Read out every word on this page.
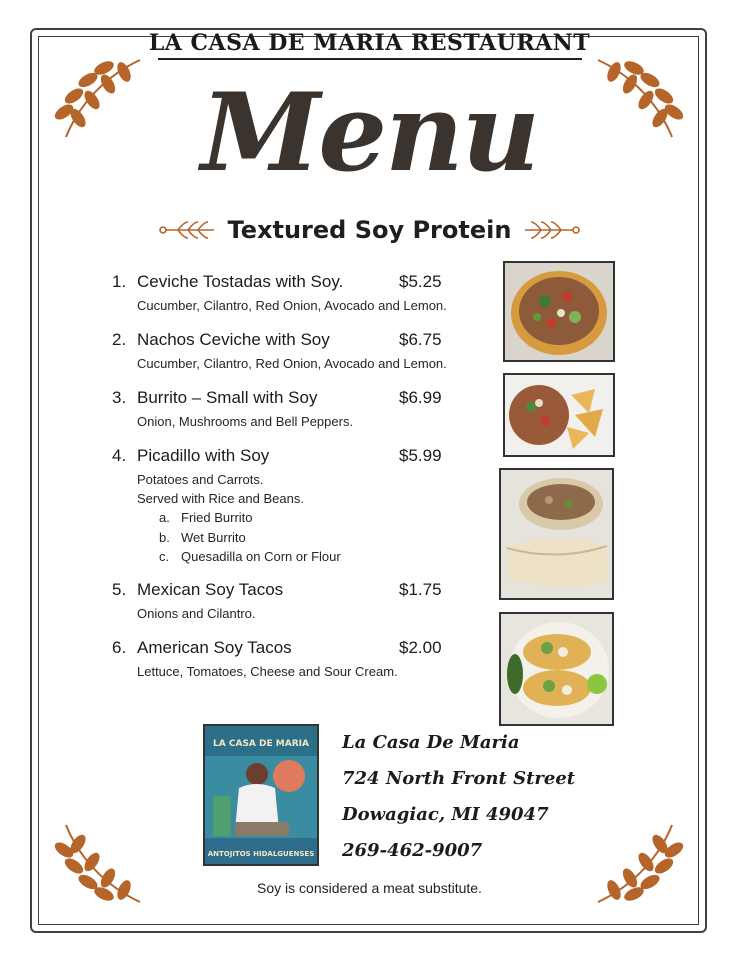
LA CASA DE MARIA RESTAURANT
Menu
Textured Soy Protein
1. Ceviche Tostadas with Soy.	$5.25
Cucumber, Cilantro, Red Onion, Avocado and Lemon.
2. Nachos Ceviche with Soy	$6.75
Cucumber, Cilantro, Red Onion, Avocado and Lemon.
3. Burrito – Small with Soy	$6.99
Onion, Mushrooms and Bell Peppers.
4. Picadillo with Soy	$5.99
Potatoes and Carrots.
Served with Rice and Beans.
a. Fried Burrito
b. Wet Burrito
c. Quesadilla on Corn or Flour
5. Mexican Soy Tacos	$1.75
Onions and Cilantro.
6. American Soy Tacos	$2.00
Lettuce, Tomatoes, Cheese and Sour Cream.
LA CASA DE MARIA
ANTOJITOS HIDALGUENSES
La Casa De Maria
724 North Front Street
Dowagiac, MI 49047
269-462-9007
Soy is considered a meat substitute.
